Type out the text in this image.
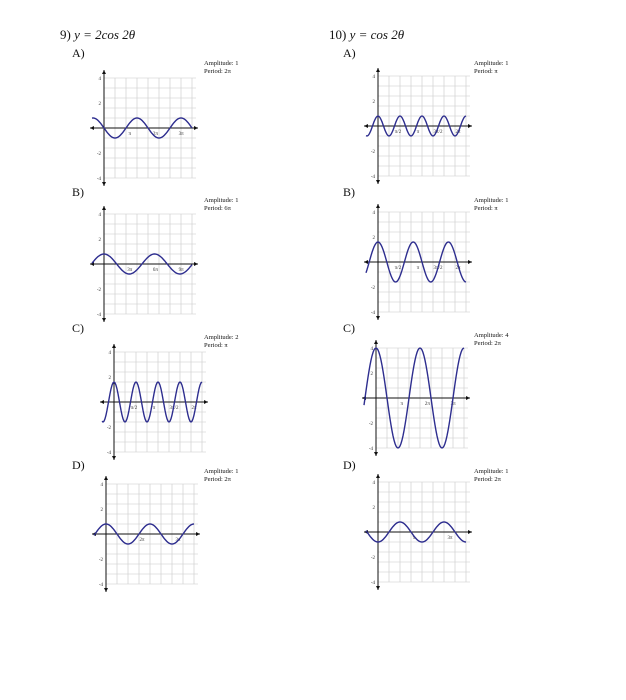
9) y = 2cos 2θ	10) y = cos 2θ
A)
Amplitude: 1
Period: 2π
-4
-2
2
4
π	2π	3π
B)
Amplitude: 1
Period: 6π
-4
-2
2
4
3π	6π	9π
C)
Amplitude: 2
Period: π
-4
-2
2
4
π/2	π	3π/2	2π
D)	Amplitude: 1
Period: 2π
-4
-2
2
4
2π	3π
A)
Amplitude: 1
Period: π
-4
-2
2
4
π/2	π	3π/2	2π
B)
Amplitude: 1
Period: π
-4
-2
2
4
π/2	π	3π/2	2π
C)
Amplitude: 4
Period: 2π
-4
-2
2
4
π	2π	3π
D)	Amplitude: 1
Period: 2π
-4
-2
2
4
π	3π
